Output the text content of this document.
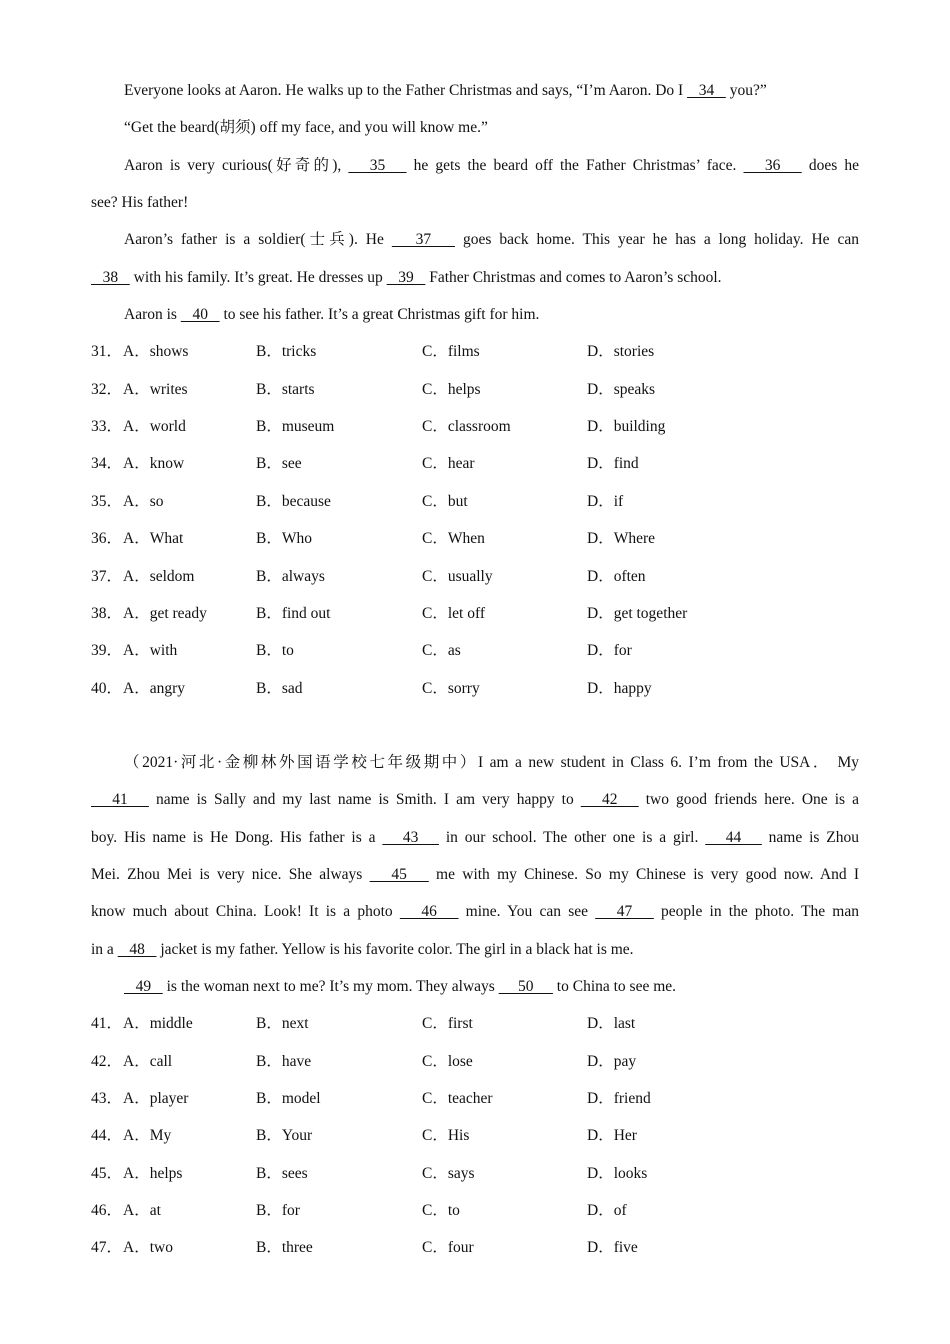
Everyone looks at Aaron. He walks up to the Father Christmas and says, “I’m Aaron. Do I    34    you?”
“Get the beard(胡须) off my face, and you will know me.”
Aaron is very curious(好奇的),    35    he gets the beard off the Father Christmas’ face.    36    does he
see? His father!
Aaron’s father is a soldier(士兵). He    37    goes back home. This year he has a long holiday. He can
38    with his family. It’s great. He dresses up    39    Father Christmas and comes to Aaron’s school.
Aaron is    40    to see his father. It’s a great Christmas gift for him.
31． A．shows	B．tricks	C．films	D．stories
32． A．writes	B．starts	C．helps	D．speaks
33． A．world	B．museum	C．classroom	D．building
34． A．know	B．see	C．hear	D．find
35． A．so	B．because	C．but	D．if
36． A．What	B．Who	C．When	D．Where
37． A．seldom	B．always	C．usually	D．often
38． A．get ready	B．find out	C．let off	D．get together
39． A．with	B．to	C．as	D．for
40． A．angry	B．sad	C．sorry	D．happy
（2021·河北·金柳林外国语学校七年级期中）I am a new student in Class 6. I’m from the USA． My
41    name is Sally and my last name is Smith. I am very happy to    42    two good friends here. One is a
boy. His name is He Dong. His father is a    43    in our school. The other one is a girl.    44    name is Zhou
Mei. Zhou Mei is very nice. She always    45    me with my Chinese. So my Chinese is very good now. And I
know much about China. Look! It is a photo    46    mine. You can see    47    people in the photo. The man
in a    48    jacket is my father. Yellow is his favorite color. The girl in a black hat is me.
49    is the woman next to me? It’s my mom. They always      50      to China to see me.
41． A．middle	B．next	C．first	D．last
42． A．call	B．have	C．lose	D．pay
43． A．player	B．model	C．teacher	D．friend
44． A．My	B．Your	C．His	D．Her
45． A．helps	B．sees	C．says	D．looks
46． A．at	B．for	C．to	D．of
47． A．two	B．three	C．four	D．five
